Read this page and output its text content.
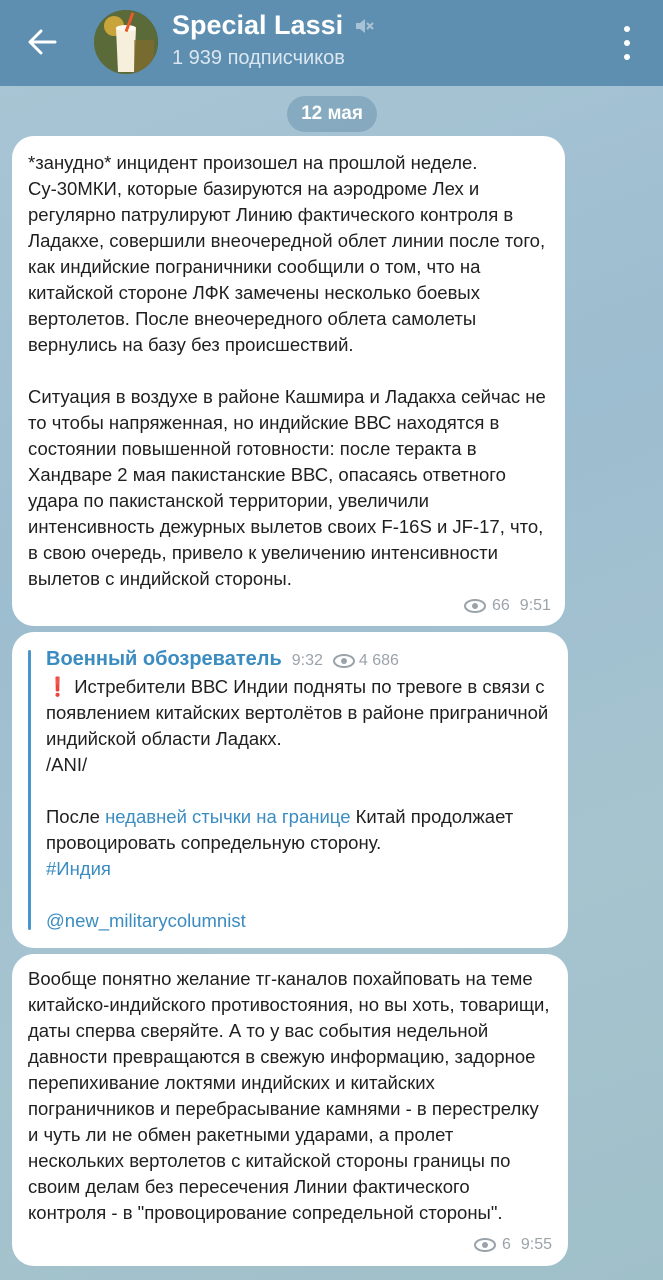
Special Lassi
1 939 подписчиков
12 мая

*занудно* инцидент произошел на прошлой неделе. Су-30МКИ, которые базируются на аэродроме Лех и регулярно патрулируют Линию фактического контроля в Ладакхе, совершили внеочередной облет линии после того, как индийские пограничники сообщили о том, что на китайской стороне ЛФК замечены несколько боевых вертолетов. После внеочередного облета самолеты вернулись на базу без происшествий.

Ситуация в воздухе в районе Кашмира и Ладакха сейчас не то чтобы напряженная, но индийские ВВС находятся в состоянии повышенной готовности: после теракта в Хандваре 2 мая пакистанские ВВС, опасаясь ответного удара по пакистанской территории, увеличили интенсивность дежурных вылетов своих F-16S и JF-17, что, в свою очередь, привело к увеличению интенсивности вылетов с индийской стороны.

66 9:51
Военный обозреватель 9:32 4 686

❗ Истребители ВВС Индии подняты по тревоге в связи с появлением китайских вертолётов в районе приграничной индийской области Ладакх.

/ANI/

После недавней стычки на границе Китай продолжает провоцировать сопредельную сторону.

#Индия

@new_militarycolumnist

Вообще понятно желание тг-каналов похайповать на теме китайско-индийского противостояния, но вы хоть, товарищи, даты сперва сверяйте. А то у вас события недельной давности превращаются в свежую информацию, задорное перепихивание локтями индийских и китайских пограничников и перебрасывание камнями - в перестрелку и чуть ли не обмен ракетными ударами, а пролет нескольких вертолетов с китайской стороны границы по своим делам без пересечения Линии фактического контроля - в "провоцирование сопредельной стороны".

6 9:55
